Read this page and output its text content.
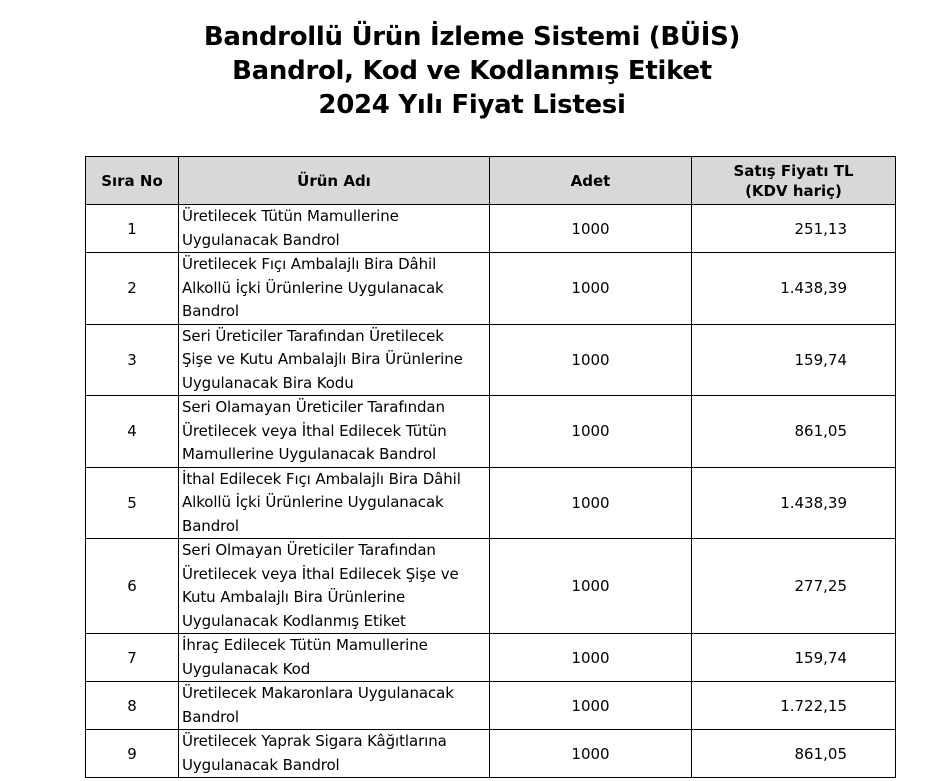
Bandrollü Ürün İzleme Sistemi (BÜİS)
Bandrol, Kod ve Kodlanmış Etiket
2024 Yılı Fiyat Listesi
Sıra No	Ürün Adı	Adet	Satış Fiyatı TL
(KDV hariç)

1	Üretilecek Tütün Mamullerine
Uygulanacak Bandrol	1000	251,13
2	Üretilecek Fıçı Ambalajlı Bira Dâhil
Alkollü İçki Ürünlerine Uygulanacak
Bandrol	1000	1.438,39
3	Seri Üreticiler Tarafından Üretilecek
Şişe ve Kutu Ambalajlı Bira Ürünlerine
Uygulanacak Bira Kodu	1000	159,74
4	Seri Olamayan Üreticiler Tarafından
Üretilecek veya İthal Edilecek Tütün
Mamullerine Uygulanacak Bandrol	1000	861,05
5	İthal Edilecek Fıçı Ambalajlı Bira Dâhil
Alkollü İçki Ürünlerine Uygulanacak
Bandrol	1000	1.438,39
6	Seri Olmayan Üreticiler Tarafından
Üretilecek veya İthal Edilecek Şişe ve
Kutu Ambalajlı Bira Ürünlerine
Uygulanacak Kodlanmış Etiket	1000	277,25
7	İhraç Edilecek Tütün Mamullerine
Uygulanacak Kod	1000	159,74
8	Üretilecek Makaronlara Uygulanacak
Bandrol	1000	1.722,15
9	Üretilecek Yaprak Sigara Kâğıtlarına
Uygulanacak Bandrol	1000	861,05
